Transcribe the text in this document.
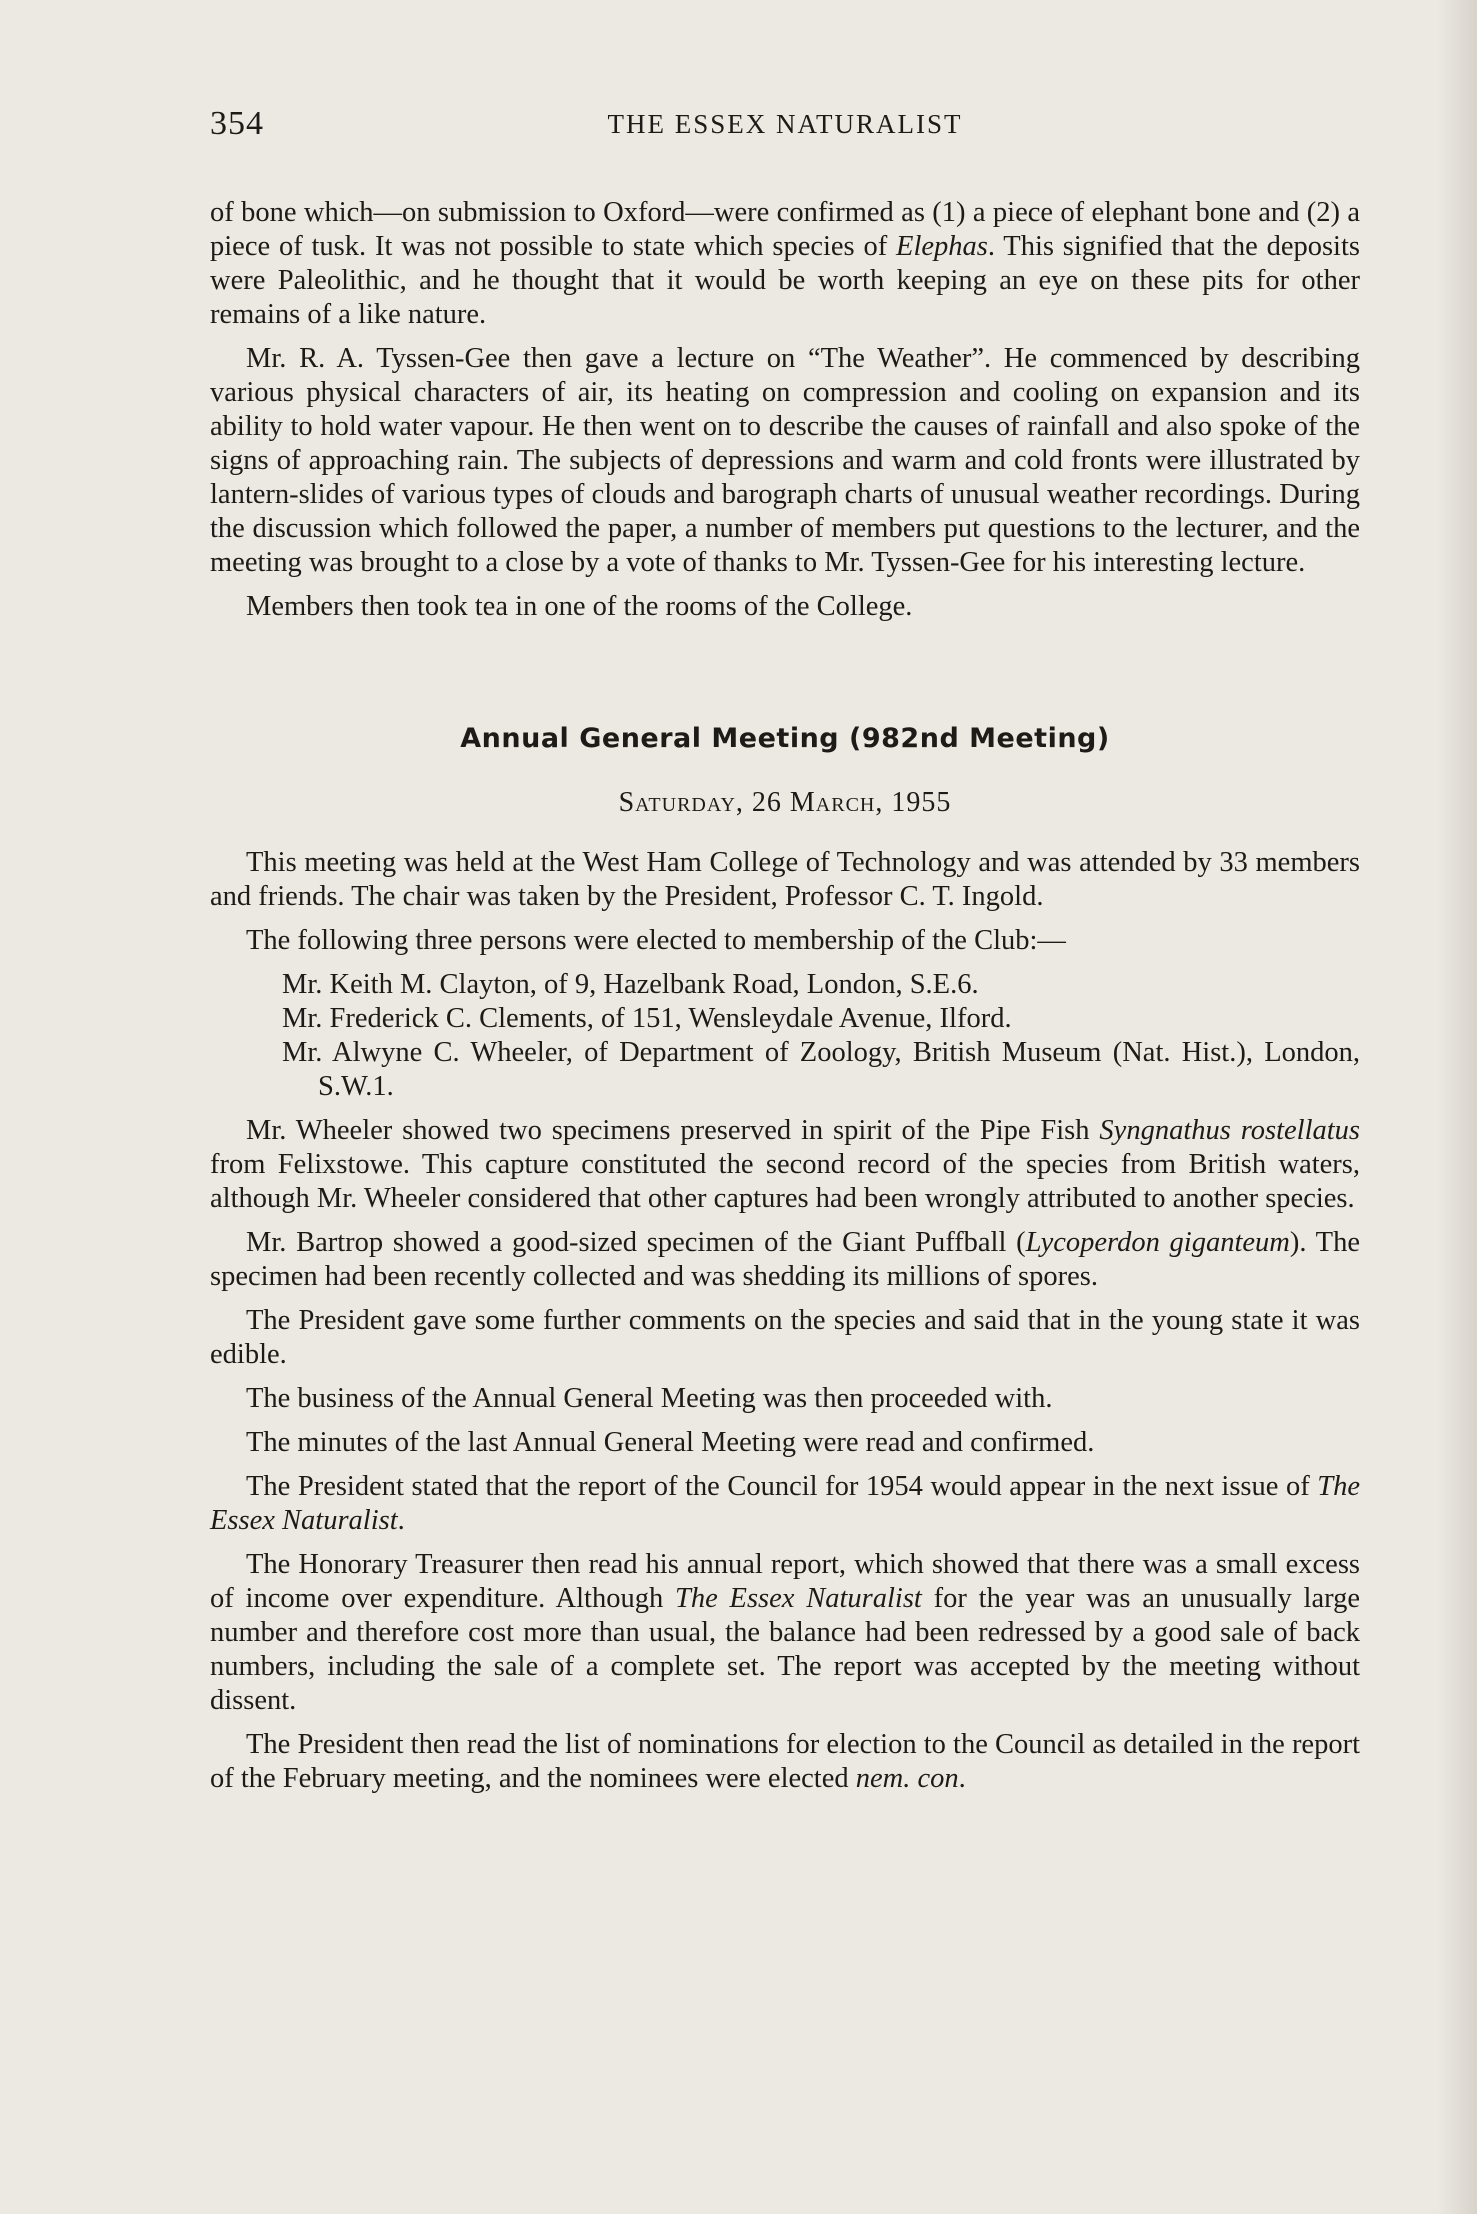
354	THE ESSEX NATURALIST

of bone which—on submission to Oxford—were confirmed as (1) a piece of elephant bone and (2) a piece of tusk. It was not possible to state which species of Elephas. This signified that the deposits were Paleolithic, and he thought that it would be worth keeping an eye on these pits for other remains of a like nature.

Mr. R. A. Tyssen-Gee then gave a lecture on “The Weather”. He commenced by describing various physical characters of air, its heating on compression and cooling on expansion and its ability to hold water vapour. He then went on to describe the causes of rainfall and also spoke of the signs of approaching rain. The subjects of depressions and warm and cold fronts were illustrated by lantern-slides of various types of clouds and barograph charts of unusual weather recordings. During the discussion which followed the paper, a number of members put questions to the lecturer, and the meeting was brought to a close by a vote of thanks to Mr. Tyssen-Gee for his interesting lecture.

Members then took tea in one of the rooms of the College.

Annual General Meeting (982nd Meeting)
Saturday, 26 March, 1955

This meeting was held at the West Ham College of Technology and was attended by 33 members and friends. The chair was taken by the President, Professor C. T. Ingold.

The following three persons were elected to membership of the Club:—

Mr. Keith M. Clayton, of 9, Hazelbank Road, London, S.E.6.
Mr. Frederick C. Clements, of 151, Wensleydale Avenue, Ilford.
Mr. Alwyne C. Wheeler, of Department of Zoology, British Museum (Nat. Hist.), London, S.W.1.

Mr. Wheeler showed two specimens preserved in spirit of the Pipe Fish Syngnathus rostellatus from Felixstowe. This capture constituted the second record of the species from British waters, although Mr. Wheeler considered that other captures had been wrongly attributed to another species.

Mr. Bartrop showed a good-sized specimen of the Giant Puffball (Lycoperdon giganteum). The specimen had been recently collected and was shedding its millions of spores.

The President gave some further comments on the species and said that in the young state it was edible.

The business of the Annual General Meeting was then proceeded with.

The minutes of the last Annual General Meeting were read and confirmed.

The President stated that the report of the Council for 1954 would appear in the next issue of The Essex Naturalist.

The Honorary Treasurer then read his annual report, which showed that there was a small excess of income over expenditure. Although The Essex Naturalist for the year was an unusually large number and therefore cost more than usual, the balance had been redressed by a good sale of back numbers, including the sale of a complete set. The report was accepted by the meeting without dissent.

The President then read the list of nominations for election to the Council as detailed in the report of the February meeting, and the nominees were elected nem. con.
